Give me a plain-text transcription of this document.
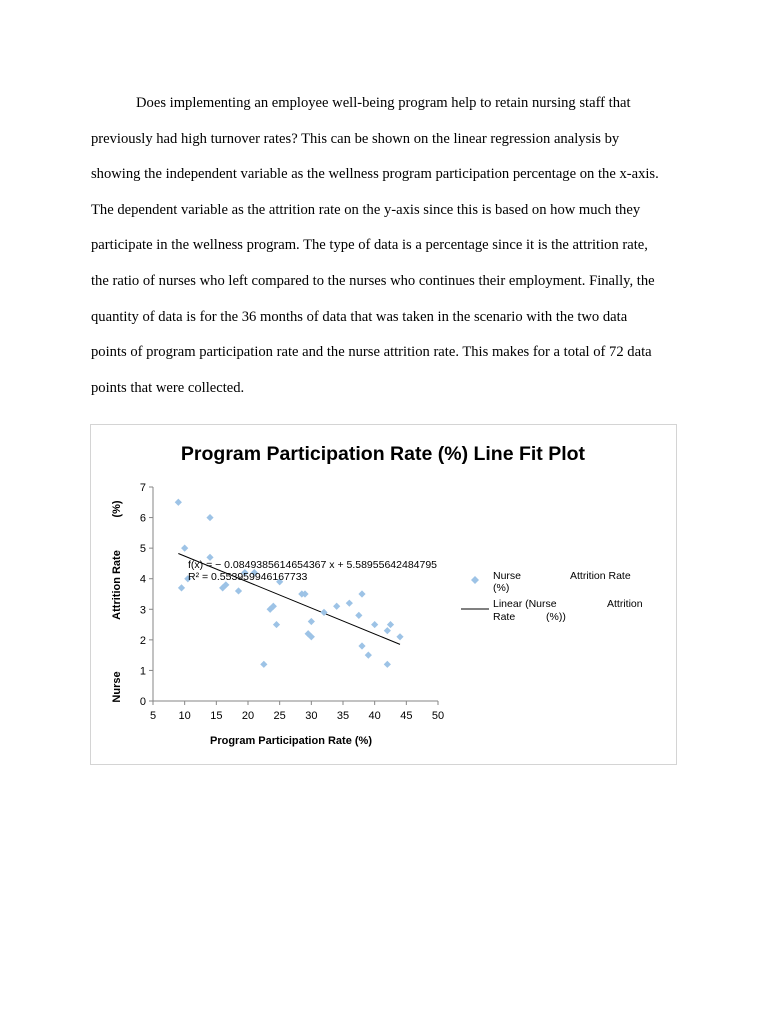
Does implementing an employee well-being program help to retain nursing staff that
previously had high turnover rates? This can be shown on the linear regression analysis by
showing the independent variable as the wellness program participation percentage on the x-axis.
The dependent variable as the attrition rate on the y-axis since this is based on how much they
participate in the wellness program. The type of data is a percentage since it is the attrition rate,
the ratio of nurses who left compared to the nurses who continues their employment. Finally, the
quantity of data is for the 36 months of data that was taken in the scenario with the two data
points of program participation rate and the nurse attrition rate. This makes for a total of 72 data
points that were collected.
Program Participation Rate (%) Line Fit Plot
0
1
2
3
4
5
6
7
5 10 15 20 25 30 35 40 45 50
f(x) = − 0.0849385614654367 x + 5.58955642484795
R² = 0.553959946167733
Program Participation Rate (%)
Nurse
Attrition Rate
(%)
Nurse	Attrition Rate
(%)
Linear (Nurse	Attrition
Rate	(%))
